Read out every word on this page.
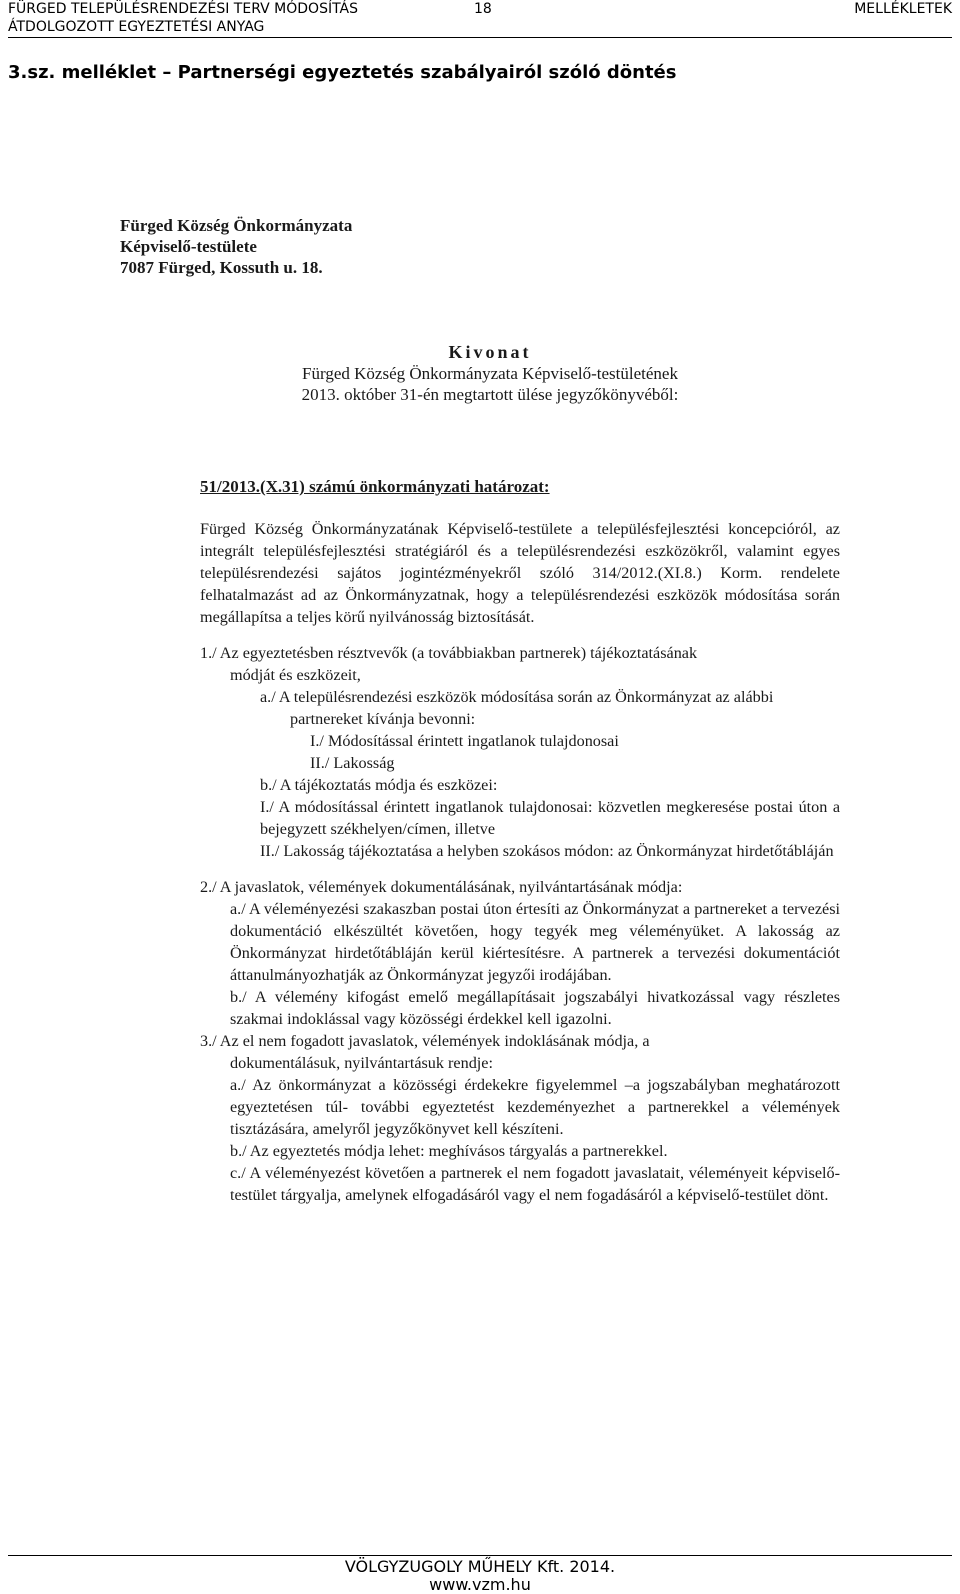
FÜRGED TELEPÜLÉSRENDEZÉSI TERV MÓDOSÍTÁS	18	MELLÉKLETEK
ÁTDOLGOZOTT EGYEZTETÉSI ANYAG
3.sz. melléklet – Partnerségi egyeztetés szabályairól szóló döntés
Fürged Község Önkormányzata
Képviselő-testülete
7087 Fürged, Kossuth u. 18.
Kivonat
Fürged Község Önkormányzata Képviselő-testületének
2013. október 31-én megtartott ülése jegyzőkönyvéből:
51/2013.(X.31) számú önkormányzati határozat:
Fürged Község Önkormányzatának Képviselő-testülete a településfejlesztési koncepcióról, az integrált településfejlesztési stratégiáról és a településrendezési eszközökről, valamint egyes településrendezési sajátos jogintézményekről szóló 314/2012.(XI.8.) Korm. rendelete felhatalmazást ad az Önkormányzatnak, hogy a településrendezési eszközök módosítása során megállapítsa a teljes körű nyilvánosság biztosítását.
1./ Az egyeztetésben résztvevők (a továbbiakban partnerek) tájékoztatásának
módját és eszközeit,
a./ A településrendezési eszközök módosítása során az Önkormányzat az alábbi
partnereket kívánja bevonni:
I./ Módosítással érintett ingatlanok tulajdonosai
II./ Lakosság
b./ A tájékoztatás módja és eszközei:
I./ A módosítással érintett ingatlanok tulajdonosai: közvetlen megkeresése postai úton a bejegyzett székhelyen/címen, illetve
II./ Lakosság tájékoztatása a helyben szokásos módon: az Önkormányzat hirdetőtábláján
2./ A javaslatok, vélemények dokumentálásának, nyilvántartásának módja:
a./ A véleményezési szakaszban postai úton értesíti az Önkormányzat a partnereket a tervezési dokumentáció elkészültét követően, hogy tegyék meg véleményüket. A lakosság az Önkormányzat hirdetőtábláján kerül kiértesítésre. A partnerek a tervezési dokumentációt áttanulmányozhatják az Önkormányzat jegyzői irodájában.
b./ A vélemény kifogást emelő megállapításait jogszabályi hivatkozással vagy részletes szakmai indoklással vagy közösségi érdekkel kell igazolni.
3./ Az el nem fogadott javaslatok, vélemények indoklásának módja, a
dokumentálásuk, nyilvántartásuk rendje:
a./ Az önkormányzat a közösségi érdekekre figyelemmel –a jogszabályban meghatározott egyeztetésen túl- további egyeztetést kezdeményezhet a partnerekkel a vélemények tisztázására, amelyről jegyzőkönyvet kell készíteni.
b./ Az egyeztetés módja lehet: meghívásos tárgyalás a partnerekkel.
c./ A véleményezést követően a partnerek el nem fogadott javaslatait, véleményeit képviselő-testület tárgyalja, amelynek elfogadásáról vagy el nem fogadásáról a képviselő-testület dönt.
VÖLGYZUGOLY MŰHELY Kft. 2014.
www.vzm.hu
